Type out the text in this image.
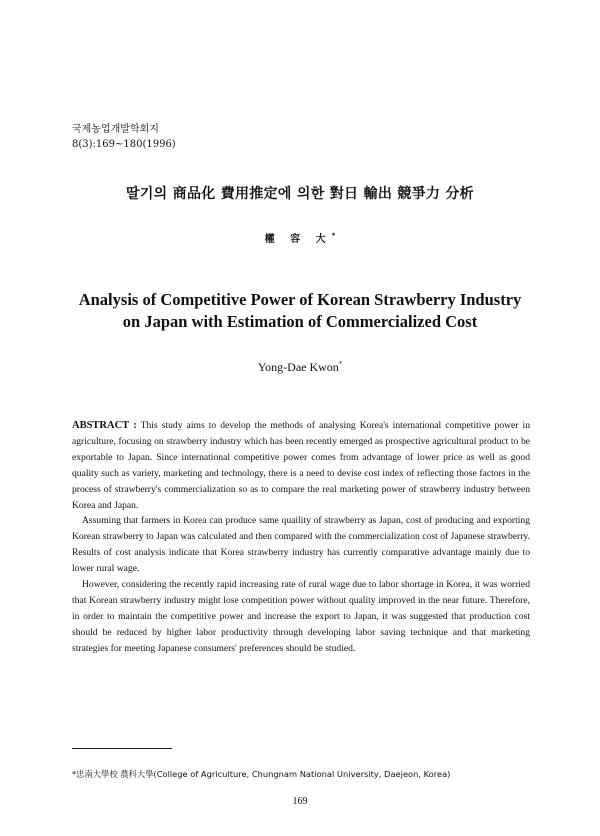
국제농업개발학회지
8(3):169~180(1996)
딸기의 商品化 費用推定에 의한 對日 輸出 競爭力 分析
權 容 大*
Analysis of Competitive Power of Korean Strawberry Industry
on Japan with Estimation of Commercialized Cost
Yong-Dae Kwon*

ABSTRACT : This study aims to develop the methods of analysing Korea's international competitive power in agriculture, focusing on strawberry industry which has been recently emerged as prospective agricultural product to be exportable to Japan. Since international competitive power comes from advantage of lower price as well as good quality such as variety, marketing and technology, there is a need to devise cost index of reflecting those factors in the process of strawberry's commercialization so as to compare the real marketing power of strawberry industry between Korea and Japan.

Assuming that farmers in Korea can produce same quaility of strawberry as Japan, cost of producing and exporting Korean strawberry to Japan was calculated and then compared with the commercialization cost of Japanese strawberry. Results of cost analysis indicate that Korea strawberry industry has currently comparative advantage mainly due to lower rural wage.

However, considering the recently rapid increasing rate of rural wage due to labor shortage in Korea, it was worried that Korean strawberry industry might lose competition power without quality improved in the near future. Therefore, in order to maintain the competitive power and increase the export to Japan, it was suggested that production cost should be reduced by higher labor productivity through developing labor saving technique and that marketing strategies for meeting Japanese consumers' preferences should be studied.

*忠南大學校 農科大學(College of Agriculture, Chungnam National University, Daejeon, Korea)
169
